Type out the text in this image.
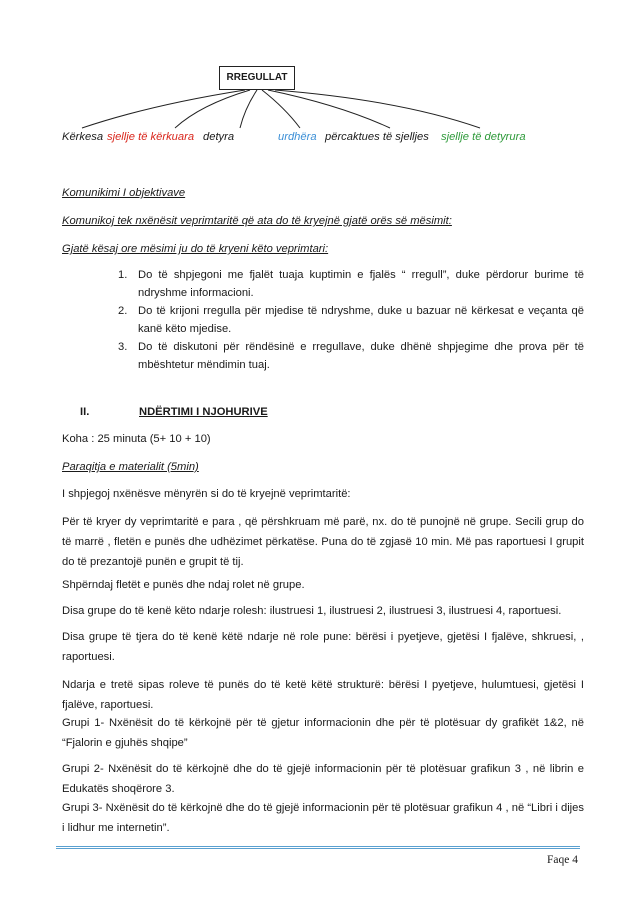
RREGULLAT
Kërkesa sjellje të kërkuara detyra	urdhëra përcaktues të sjelljes sjellje të detyrura
Komunikimi I objektivave
Komunikoj tek nxënësit veprimtaritë që ata do të kryejnë gjatë orës së mësimit:
Gjatë kësaj ore mësimi ju do të kryeni këto veprimtari:
1. Do të shpjegoni me fjalët tuaja kuptimin e fjalës “ rregull”, duke përdorur burime të ndryshme informacioni.
2. Do të krijoni rregulla për mjedise të ndryshme, duke u bazuar në kërkesat e veçanta që kanë këto mjedise.
3. Do të diskutoni për rëndësinë e rregullave, duke dhënë shpjegime dhe prova për të mbështetur mëndimin tuaj.
II.	NDËRTIMI I NJOHURIVE
Koha : 25 minuta (5+ 10 + 10)
Paraqitja e materialit (5min)
I shpjegoj nxënësve mënyrën si do të kryejnë veprimtaritë:
Për të kryer dy veprimtaritë e para , që përshkruam më parë, nx. do të punojnë në grupe. Secili grup do të marrë , fletën e punës dhe udhëzimet përkatëse. Puna do të zgjasë 10 min. Më pas raportuesi I grupit do të prezantojë punën e grupit të tij.
Shpërndaj fletët e punës dhe ndaj rolet në grupe.
Disa grupe do të kenë këto ndarje rolesh: ilustruesi 1, ilustruesi 2, ilustruesi 3, ilustruesi 4, raportuesi.
Disa grupe të tjera do të kenë këtë ndarje në role pune: bërësi i pyetjeve, gjetësi I fjalëve, shkruesi, , raportuesi.
Ndarja e tretë sipas roleve të punës do të ketë këtë strukturë: bërësi I pyetjeve, hulumtuesi, gjetësi I fjalëve, raportuesi.
Grupi 1- Nxënësit do të kërkojnë për të gjetur informacionin dhe për të plotësuar dy grafikët 1&2, në “Fjalorin e gjuhës shqipe”
Grupi 2- Nxënësit do të kërkojnë dhe do të gjejë informacionin për të plotësuar grafikun 3 , në librin e Edukatës shoqërore 3.
Grupi 3- Nxënësit do të kërkojnë dhe do të gjejë informacionin për të plotësuar grafikun 4 , në “Libri i dijes i lidhur me internetin”.
Faqe 4
